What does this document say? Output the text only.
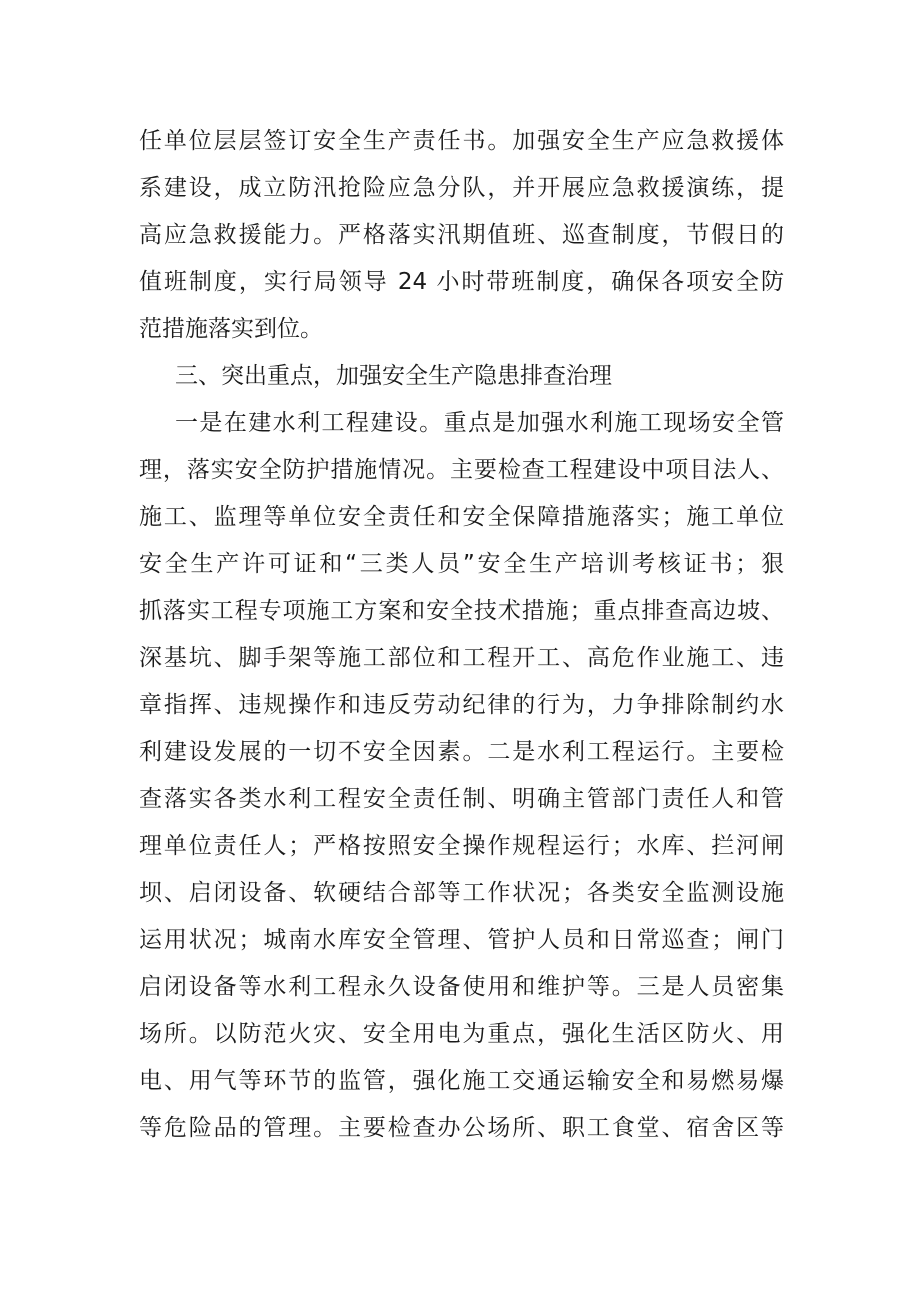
任单位层层签订安全生产责任书。加强安全生产应急救援体
系建设，成立防汛抢险应急分队，并开展应急救援演练，提
高应急救援能力。严格落实汛期值班、巡查制度，节假日的
值班制度，实行局领导 24 小时带班制度，确保各项安全防
范措施落实到位。
三、突出重点，加强安全生产隐患排查治理
一是在建水利工程建设。重点是加强水利施工现场安全管
理，落实安全防护措施情况。主要检查工程建设中项目法人、
施工、监理等单位安全责任和安全保障措施落实；施工单位
安全生产许可证和“三类人员”安全生产培训考核证书；狠
抓落实工程专项施工方案和安全技术措施；重点排查高边坡、
深基坑、脚手架等施工部位和工程开工、高危作业施工、违
章指挥、违规操作和违反劳动纪律的行为，力争排除制约水
利建设发展的一切不安全因素。二是水利工程运行。主要检
查落实各类水利工程安全责任制、明确主管部门责任人和管
理单位责任人；严格按照安全操作规程运行；水库、拦河闸
坝、启闭设备、软硬结合部等工作状况；各类安全监测设施
运用状况；城南水库安全管理、管护人员和日常巡查；闸门
启闭设备等水利工程永久设备使用和维护等。三是人员密集
场所。以防范火灾、安全用电为重点，强化生活区防火、用
电、用气等环节的监管，强化施工交通运输安全和易燃易爆
等危险品的管理。主要检查办公场所、职工食堂、宿舍区等
